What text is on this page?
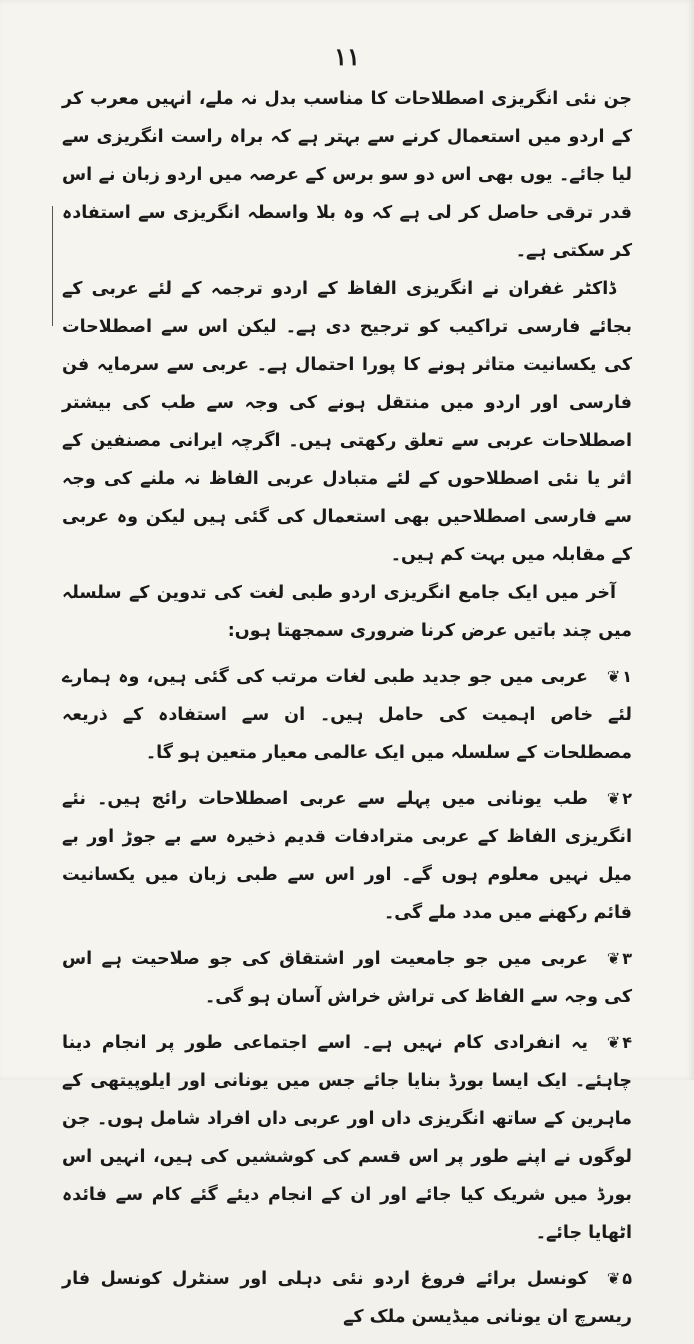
۱۱

جن نئی انگریزی اصطلاحات کا مناسب بدل نہ ملے، انہیں معرب کر کے اردو میں استعمال کرنے سے بہتر ہے کہ براہ راست انگریزی سے لیا جائے۔ یوں بھی اس دو سو برس کے عرصہ میں اردو زبان نے اس قدر ترقی حاصل کر لی ہے کہ وہ بلا واسطہ انگریزی سے استفادہ کر سکتی ہے۔

ڈاکٹر غفران نے انگریزی الفاظ کے اردو ترجمہ کے لئے عربی کے بجائے فارسی تراکیب کو ترجیح دی ہے۔ لیکن اس سے اصطلاحات کی یکسانیت متاثر ہونے کا پورا احتمال ہے۔ عربی سے سرمایہ فن فارسی اور اردو میں منتقل ہونے کی وجہ سے طب کی بیشتر اصطلاحات عربی سے تعلق رکھتی ہیں۔ اگرچہ ایرانی مصنفین کے اثر یا نئی اصطلاحوں کے لئے متبادل عربی الفاظ نہ ملنے کی وجہ سے فارسی اصطلاحیں بھی استعمال کی گئی ہیں لیکن وہ عربی کے مقابلہ میں بہت کم ہیں۔

آخر میں ایک جامع انگریزی اردو طبی لغت کی تدوین کے سلسلہ میں چند باتیں عرض کرنا ضروری سمجھتا ہوں:

❦ ۱
عربی میں جو جدید طبی لغات مرتب کی گئی ہیں، وہ ہمارے لئے خاص اہمیت کی حامل ہیں۔ ان سے استفادہ کے ذریعہ مصطلحات کے سلسلہ میں ایک عالمی معیار متعین ہو گا۔
❦ ۲
طب یونانی میں پہلے سے عربی اصطلاحات رائج ہیں۔ نئے انگریزی الفاظ کے عربی مترادفات قدیم ذخیرہ سے بے جوڑ اور بے میل نہیں معلوم ہوں گے۔ اور اس سے طبی زبان میں یکسانیت قائم رکھنے میں مدد ملے گی۔
❦ ۳
عربی میں جو جامعیت اور اشتقاق کی جو صلاحیت ہے اس کی وجہ سے الفاظ کی تراش خراش آسان ہو گی۔
❦ ۴
یہ انفرادی کام نہیں ہے۔ اسے اجتماعی طور پر انجام دینا چاہئے۔ ایک ایسا بورڈ بنایا جائے جس میں یونانی اور ایلوپیتھی کے ماہرین کے ساتھ انگریزی داں اور عربی داں افراد شامل ہوں۔ جن لوگوں نے اپنے طور پر اس قسم کی کوششیں کی ہیں، انہیں اس بورڈ میں شریک کیا جائے اور ان کے انجام دیئے گئے کام سے فائدہ اٹھایا جائے۔
❦ ۵
کونسل برائے فروغ اردو نئی دہلی اور سنٹرل کونسل فار ریسرچ ان یونانی میڈیسن ملک کے
